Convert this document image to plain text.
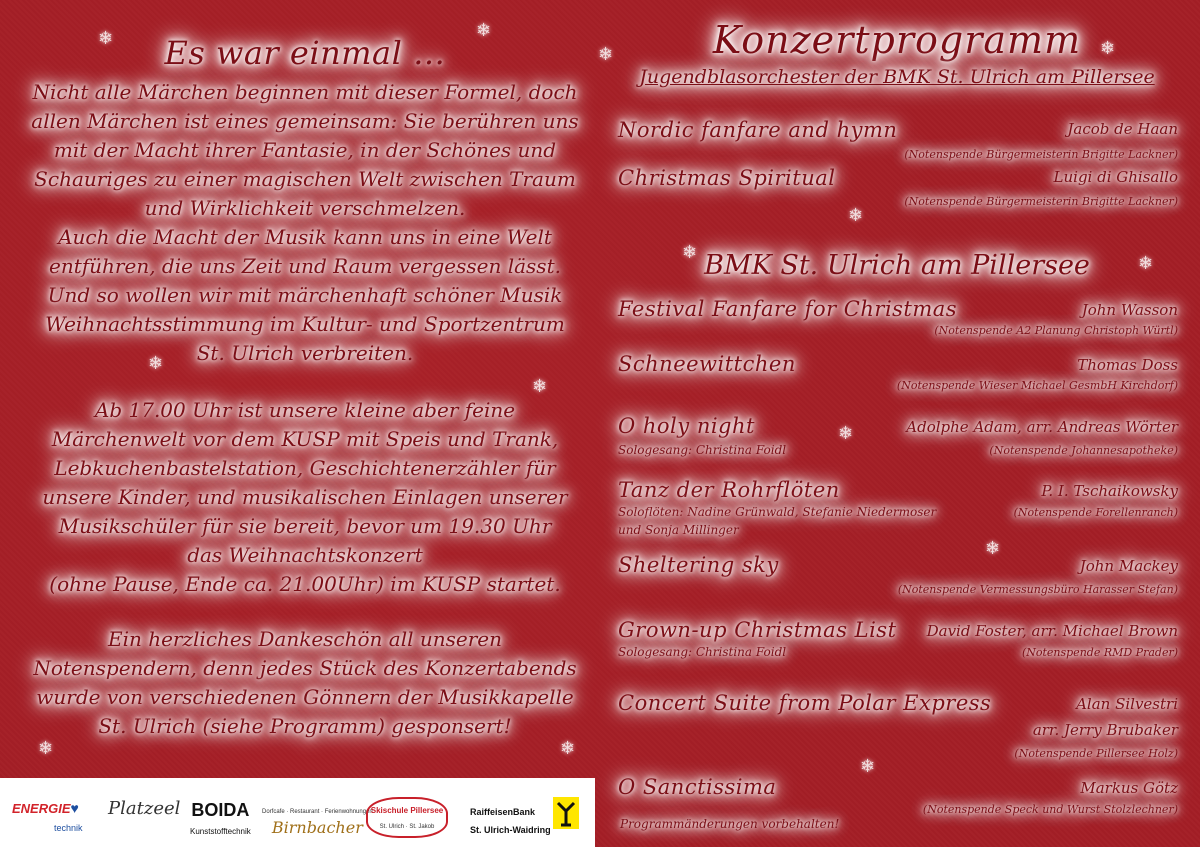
❄	❄
❄	❄
❄
❄
❄
❄
❄
❄
❄
❄	❄
❄
Es war einmal …

Nicht alle Märchen beginnen mit dieser Formel, doch
allen Märchen ist eines gemeinsam: Sie berühren uns
mit der Macht ihrer Fantasie, in der Schönes und
Schauriges zu einer magischen Welt zwischen Traum
und Wirklichkeit verschmelzen.
Auch die Macht der Musik kann uns in eine Welt
entführen, die uns Zeit und Raum vergessen lässt.
Und so wollen wir mit märchenhaft schöner Musik
Weihnachtsstimmung im Kultur- und Sportzentrum
St. Ulrich verbreiten.

Ab 17.00 Uhr ist unsere kleine aber feine
Märchenwelt vor dem KUSP mit Speis und Trank,
Lebkuchenbastelstation, Geschichtenerzähler für
unsere Kinder, und musikalischen Einlagen unserer
Musikschüler für sie bereit, bevor um 19.30 Uhr
das Weihnachtskonzert
(ohne Pause, Ende ca. 21.00Uhr) im KUSP startet.

Ein herzliches Dankeschön all unseren
Notenspendern, denn jedes Stück des Konzertabends
wurde von verschiedenen Gönnern der Musikkapelle
St. Ulrich (siehe Programm) gesponsert!

Konzertprogramm
Jugendblasorchester der BMK St. Ulrich am Pillersee
Nordic fanfare and hymn	Jacob de Haan
(Notenspende Bürgermeisterin Brigitte Lackner)
Christmas Spiritual	Luigi di Ghisallo
(Notenspende Bürgermeisterin Brigitte Lackner)
BMK St. Ulrich am Pillersee
Festival Fanfare for Christmas	John Wasson
(Notenspende A2 Planung Christoph Würtl)
Schneewittchen	Thomas Doss
(Notenspende Wieser Michael GesmbH Kirchdorf)
O holy night	Adolphe Adam, arr. Andreas Wörter
Sologesang: Christina Foidl	(Notenspende Johannesapotheke)
Tanz der Rohrflöten	P. I. Tschaikowsky
Soloflöten: Nadine Grünwald, Stefanie Niedermoser
und Sonja Millinger
(Notenspende Forellenranch)
Sheltering sky	John Mackey
(Notenspende Vermessungsbüro Harasser Stefan)
Grown-up Christmas List David Foster, arr. Michael Brown
Sologesang: Christina Foidl	(Notenspende RMD Prader)
Concert Suite from Polar Express	Alan Silvestri
arr. Jerry Brubaker
(Notenspende Pillersee Holz)
O Sanctissima	Markus Götz
(Notenspende Speck und Wurst Stolzlechner)
Programmänderungen vorbehalten!
ENERGIE♥
technik
Platzeel BOIDA
Kunststofftechnik
Dorfcafe · Restaurant · Ferienwohnungen
Birnbacher
Skischule Pillersee
St. Ulrich · St. Jakob
RaiffeisenBank
St. Ulrich-Waidring
